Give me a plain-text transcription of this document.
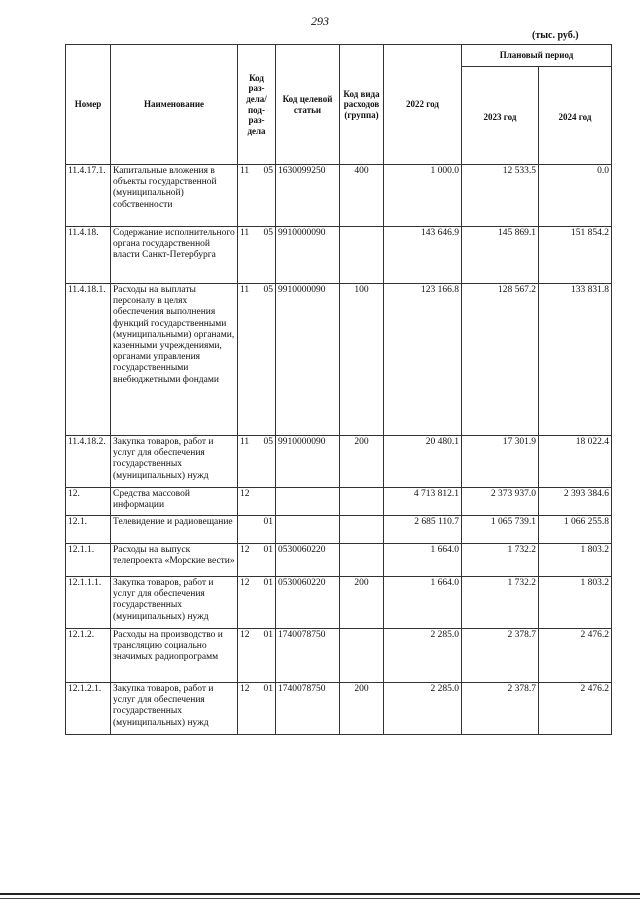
293
(тыс. руб.)
Номер	Наименование	Код раз-дела/ под-раз-дела	Код целевой статьи	Код вида расходов (группа)	2022 год	Плановый период	
						2023 год	2024 год
11.4.17.1.	Капитальные вложения в объекты государственной (муниципальной) собственности	11 05	1630099250	400	1 000.0	12 533.5	0.0
11.4.18.	Содержание исполнительного органа государственной власти Санкт-Петербурга	11 05	9910000090		143 646.9	145 869.1	151 854.2
11.4.18.1.	Расходы на выплаты персоналу в целях обеспечения выполнения функций государственными (муниципальными) органами, казенными учреждениями, органами управления государственными внебюджетными фондами	11 05	9910000090	100	123 166.8	128 567.2	133 831.8
11.4.18.2.	Закупка товаров, работ и услуг для обеспечения государственных (муниципальных) нужд	11 05	9910000090	200	20 480.1	17 301.9	18 022.4
12.	Средства массовой информации	12			4 713 812.1	2 373 937.0	2 393 384.6
12.1.	Телевидение и радиовещание	01			2 685 110.7	1 065 739.1	1 066 255.8
12.1.1.	Расходы на выпуск телепроекта «Морские вести»	12 01	0530060220		1 664.0	1 732.2	1 803.2
12.1.1.1.	Закупка товаров, работ и услуг для обеспечения государственных (муниципальных) нужд	12 01	0530060220	200	1 664.0	1 732.2	1 803.2
12.1.2.	Расходы на производство и трансляцию социально значимых радиопрограмм	12 01	1740078750		2 285.0	2 378.7	2 476.2
12.1.2.1.	Закупка товаров, работ и услуг для обеспечения государственных (муниципальных) нужд	12 01	1740078750	200	2 285.0	2 378.7	2 476.2
